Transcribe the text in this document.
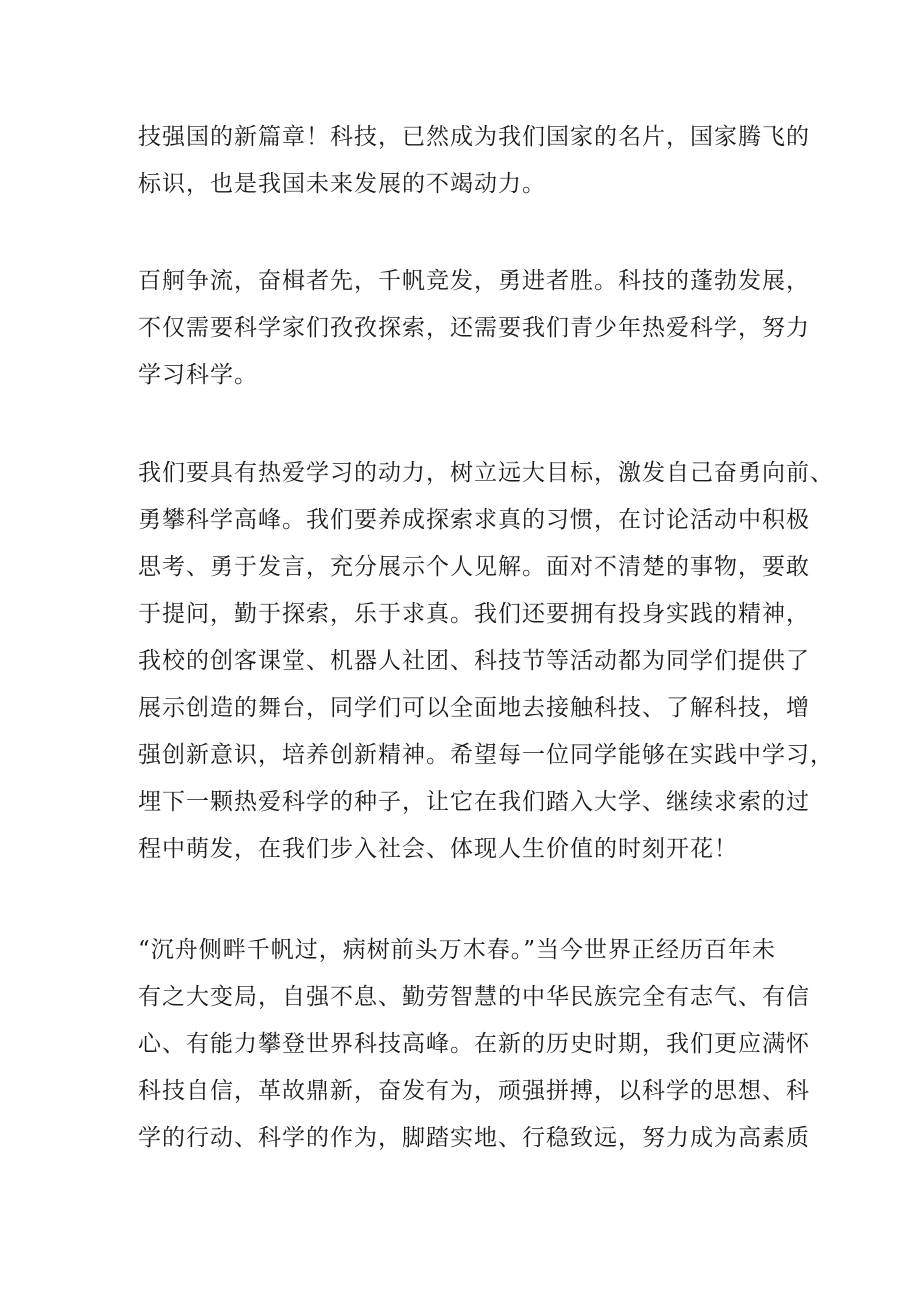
技强国的新篇章！科技，已然成为我们国家的名片，国家腾飞的
标识，也是我国未来发展的不竭动力。
百舸争流，奋楫者先，千帆竞发，勇进者胜。科技的蓬勃发展，
不仅需要科学家们孜孜探索，还需要我们青少年热爱科学，努力
学习科学。
我们要具有热爱学习的动力，树立远大目标，激发自己奋勇向前、
勇攀科学高峰。我们要养成探索求真的习惯，在讨论活动中积极
思考、勇于发言，充分展示个人见解。面对不清楚的事物，要敢
于提问，勤于探索，乐于求真。我们还要拥有投身实践的精神，
我校的创客课堂、机器人社团、科技节等活动都为同学们提供了
展示创造的舞台，同学们可以全面地去接触科技、了解科技，增
强创新意识，培养创新精神。希望每一位同学能够在实践中学习，
埋下一颗热爱科学的种子，让它在我们踏入大学、继续求索的过
程中萌发，在我们步入社会、体现人生价值的时刻开花！
“沉舟侧畔千帆过，病树前头万木春。”当今世界正经历百年未
有之大变局，自强不息、勤劳智慧的中华民族完全有志气、有信
心、有能力攀登世界科技高峰。在新的历史时期，我们更应满怀
科技自信，革故鼎新，奋发有为，顽强拼搏，以科学的思想、科
学的行动、科学的作为，脚踏实地、行稳致远，努力成为高素质
